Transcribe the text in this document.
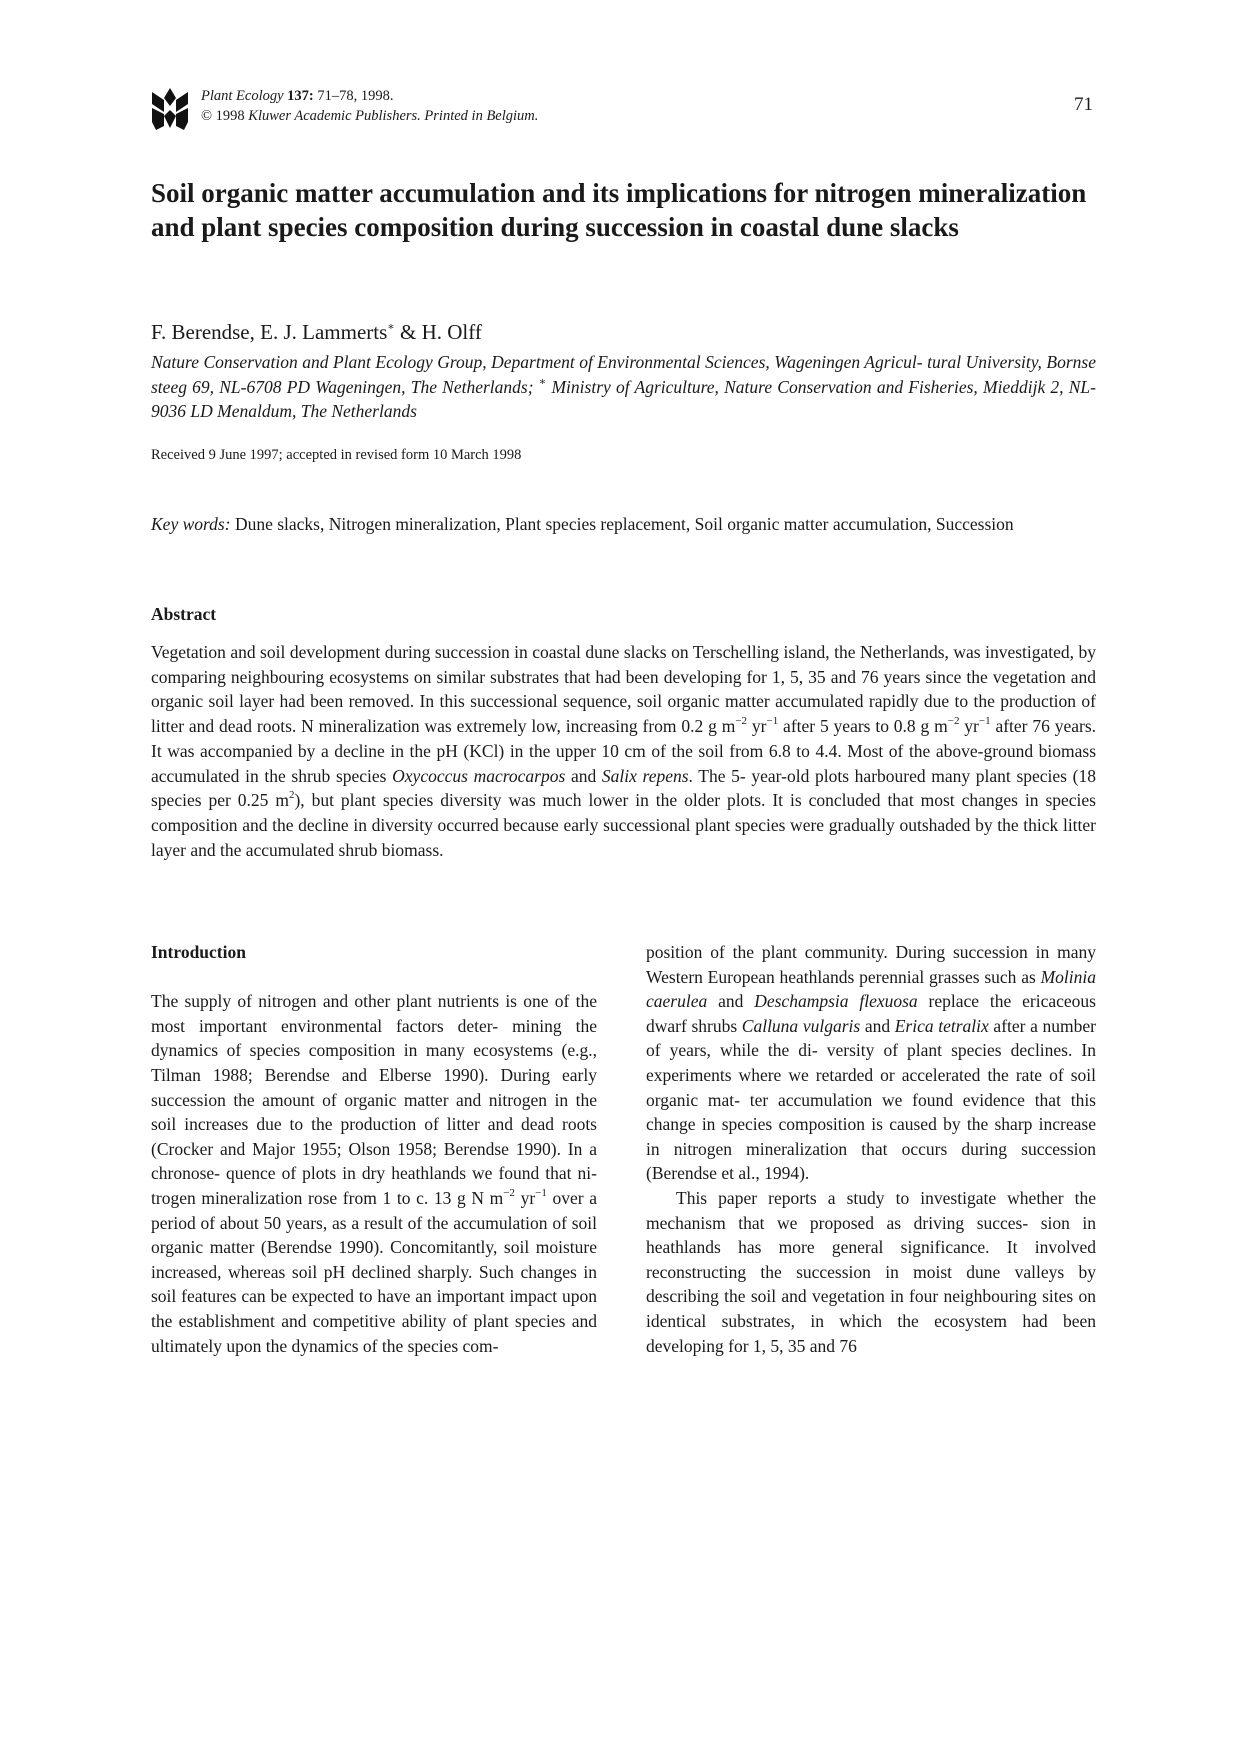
Plant Ecology 137: 71–78, 1998.
© 1998 Kluwer Academic Publishers. Printed in Belgium.
71
Soil organic matter accumulation and its implications for nitrogen mineralization and plant species composition during succession in coastal dune slacks
F. Berendse, E. J. Lammerts∗ & H. Olff
Nature Conservation and Plant Ecology Group, Department of Environmental Sciences, Wageningen Agricul- tural University, Bornse steeg 69, NL-6708 PD Wageningen, The Netherlands; ∗ Ministry of Agriculture, Nature Conservation and Fisheries, Mieddijk 2, NL-9036 LD Menaldum, The Netherlands
Received 9 June 1997; accepted in revised form 10 March 1998
Key words: Dune slacks, Nitrogen mineralization, Plant species replacement, Soil organic matter accumulation, Succession
Abstract
Vegetation and soil development during succession in coastal dune slacks on Terschelling island, the Netherlands, was investigated, by comparing neighbouring ecosystems on similar substrates that had been developing for 1, 5, 35 and 76 years since the vegetation and organic soil layer had been removed. In this successional sequence, soil organic matter accumulated rapidly due to the production of litter and dead roots. N mineralization was extremely low, increasing from 0.2 g $m^{-2}$ $yr^{-1}$ after 5 years to 0.8 g $m^{-2}$ $yr^{-1}$ after 76 years. It was accompanied by a decline in the pH (KCl) in the upper 10 cm of the soil from 6.8 to 4.4. Most of the above-ground biomass accumulated in the shrub species Oxycoccus macrocarpos and Salix repens. The 5- year-old plots harboured many plant species (18 species per 0.25 $m^2$), but plant species diversity was much lower in the older plots. It is concluded that most changes in species composition and the decline in diversity occurred because early successional plant species were gradually outshaded by the thick litter layer and the accumulated shrub biomass.
Introduction

The supply of nitrogen and other plant nutrients is one of the most important environmental factors deter- mining the dynamics of species composition in many ecosystems (e.g., Tilman 1988; Berendse and Elberse 1990). During early succession the amount of organic matter and nitrogen in the soil increases due to the production of litter and dead roots (Crocker and Major 1955; Olson 1958; Berendse 1990). In a chronose- quence of plots in dry heathlands we found that ni- trogen mineralization rose from 1 to c. 13 g N $m^{-2}$ $yr^{-1}$ over a period of about 50 years, as a result of the accumulation of soil organic matter (Berendse 1990). Concomitantly, soil moisture increased, whereas soil pH declined sharply. Such changes in soil features can be expected to have an important impact upon the establishment and competitive ability of plant species and ultimately upon the dynamics of the species com-

position of the plant community. During succession in many Western European heathlands perennial grasses such as Molinia caerulea and Deschampsia flexuosa replace the ericaceous dwarf shrubs Calluna vulgaris and Erica tetralix after a number of years, while the di- versity of plant species declines. In experiments where we retarded or accelerated the rate of soil organic mat- ter accumulation we found evidence that this change in species composition is caused by the sharp increase in nitrogen mineralization that occurs during succession (Berendse et al., 1994).

This paper reports a study to investigate whether the mechanism that we proposed as driving succes- sion in heathlands has more general significance. It involved reconstructing the succession in moist dune valleys by describing the soil and vegetation in four neighbouring sites on identical substrates, in which the ecosystem had been developing for 1, 5, 35 and 76
